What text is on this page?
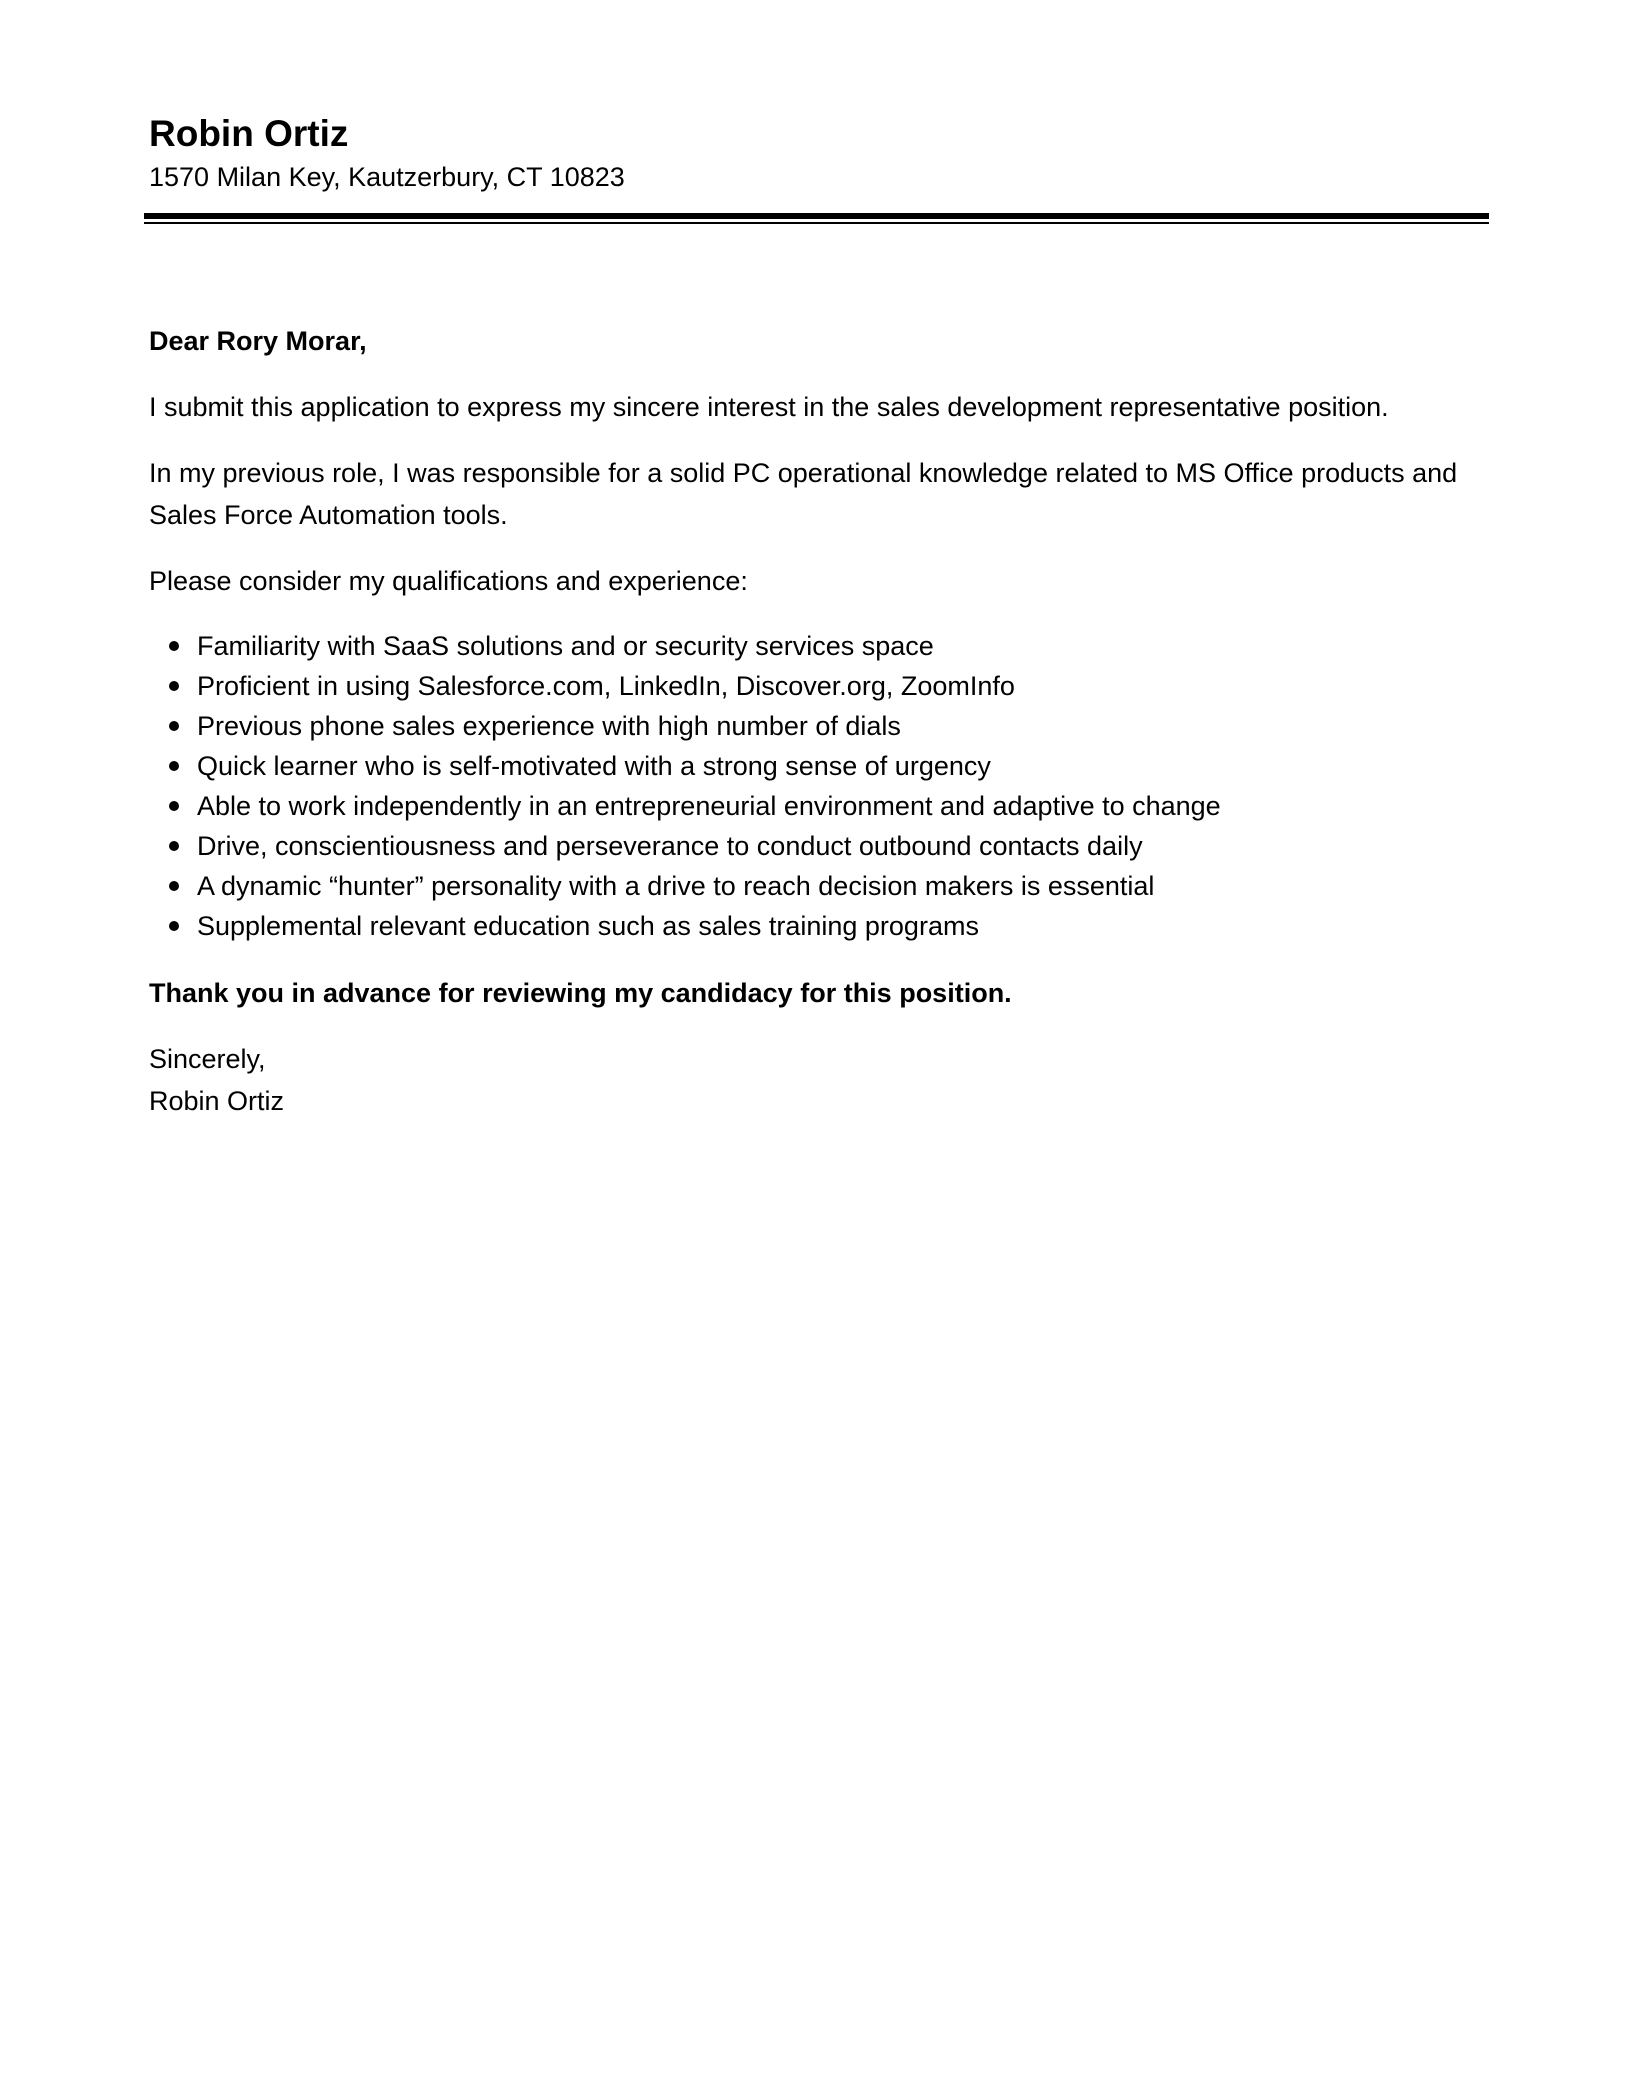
Robin Ortiz

1570 Milan Key, Kautzerbury, CT 10823

Dear Rory Morar,

I submit this application to express my sincere interest in the sales development representative position.

In my previous role, I was responsible for a solid PC operational knowledge related to MS Office products and Sales Force Automation tools.

Please consider my qualifications and experience:

Familiarity with SaaS solutions and or security services space
Proficient in using Salesforce.com, LinkedIn, Discover.org, ZoomInfo
Previous phone sales experience with high number of dials
Quick learner who is self-motivated with a strong sense of urgency
Able to work independently in an entrepreneurial environment and adaptive to change
Drive, conscientiousness and perseverance to conduct outbound contacts daily
A dynamic “hunter” personality with a drive to reach decision makers is essential
Supplemental relevant education such as sales training programs

Thank you in advance for reviewing my candidacy for this position.

Sincerely,

Robin Ortiz
